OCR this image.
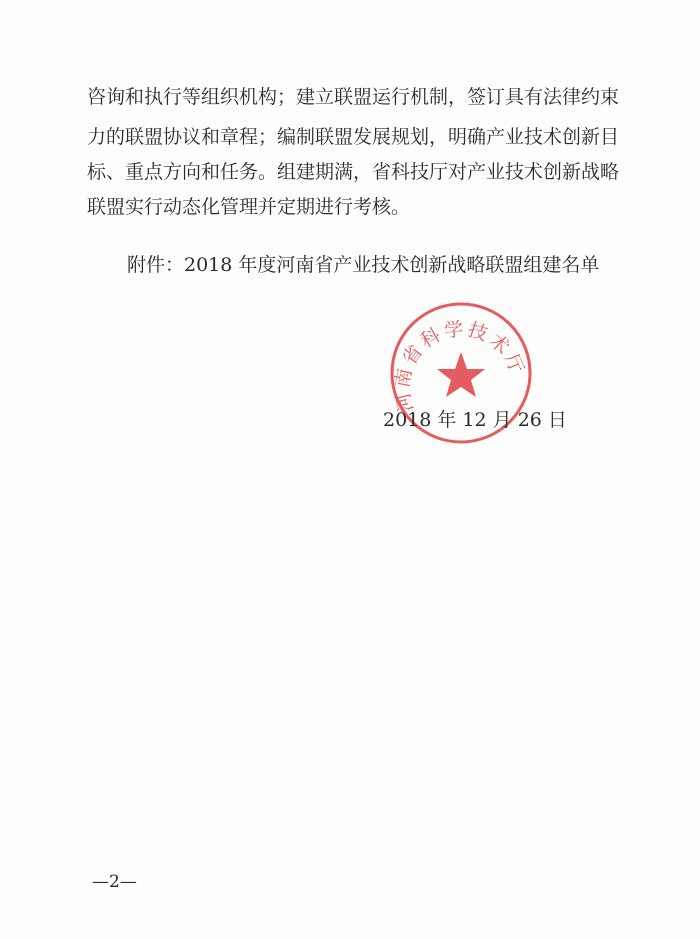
咨询和执行等组织机构；建立联盟运行机制，签订具有法律约束
力的联盟协议和章程；编制联盟发展规划，明确产业技术创新目
标、重点方向和任务。组建期满，省科技厅对产业技术创新战略
联盟实行动态化管理并定期进行考核。
附件：2018 年度河南省产业技术创新战略联盟组建名单
河南省科学技术厅
2018 年 12 月 26 日
—2—
